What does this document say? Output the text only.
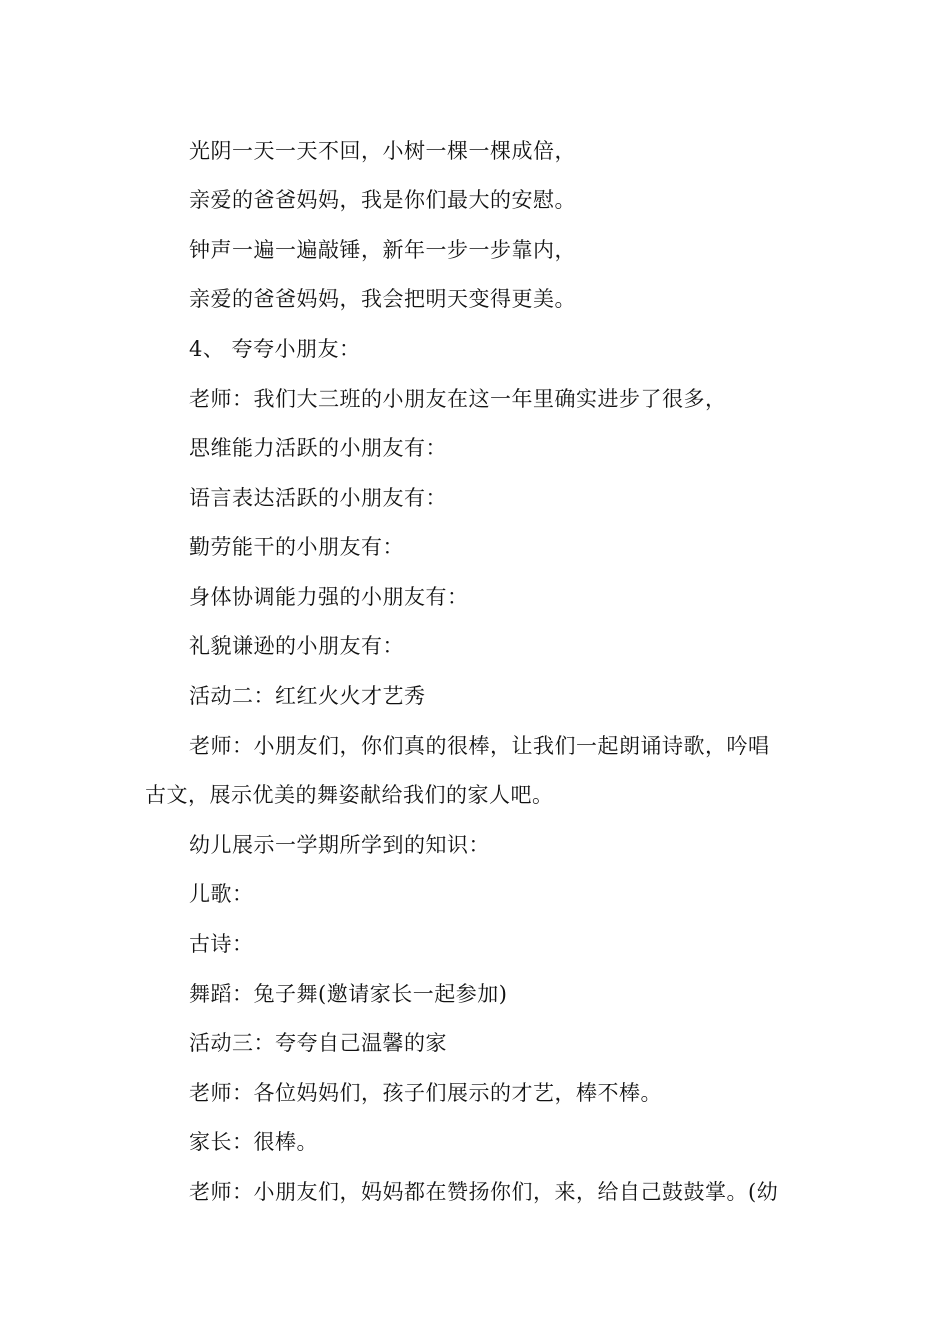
光阴一天一天不回，小树一棵一棵成倍，
亲爱的爸爸妈妈，我是你们最大的安慰。
钟声一遍一遍敲锤，新年一步一步靠内，
亲爱的爸爸妈妈，我会把明天变得更美。
4、 夸夸小朋友：
老师：我们大三班的小朋友在这一年里确实进步了很多，
思维能力活跃的小朋友有：
语言表达活跃的小朋友有：
勤劳能干的小朋友有：
身体协调能力强的小朋友有：
礼貌谦逊的小朋友有：
活动二：红红火火才艺秀
老师：小朋友们，你们真的很棒，让我们一起朗诵诗歌，吟唱
古文，展示优美的舞姿献给我们的家人吧。
幼儿展示一学期所学到的知识：
儿歌：
古诗：
舞蹈：兔子舞(邀请家长一起参加)
活动三：夸夸自己温馨的家
老师：各位妈妈们，孩子们展示的才艺，棒不棒。
家长：很棒。
老师：小朋友们，妈妈都在赞扬你们，来，给自己鼓鼓掌。(幼
